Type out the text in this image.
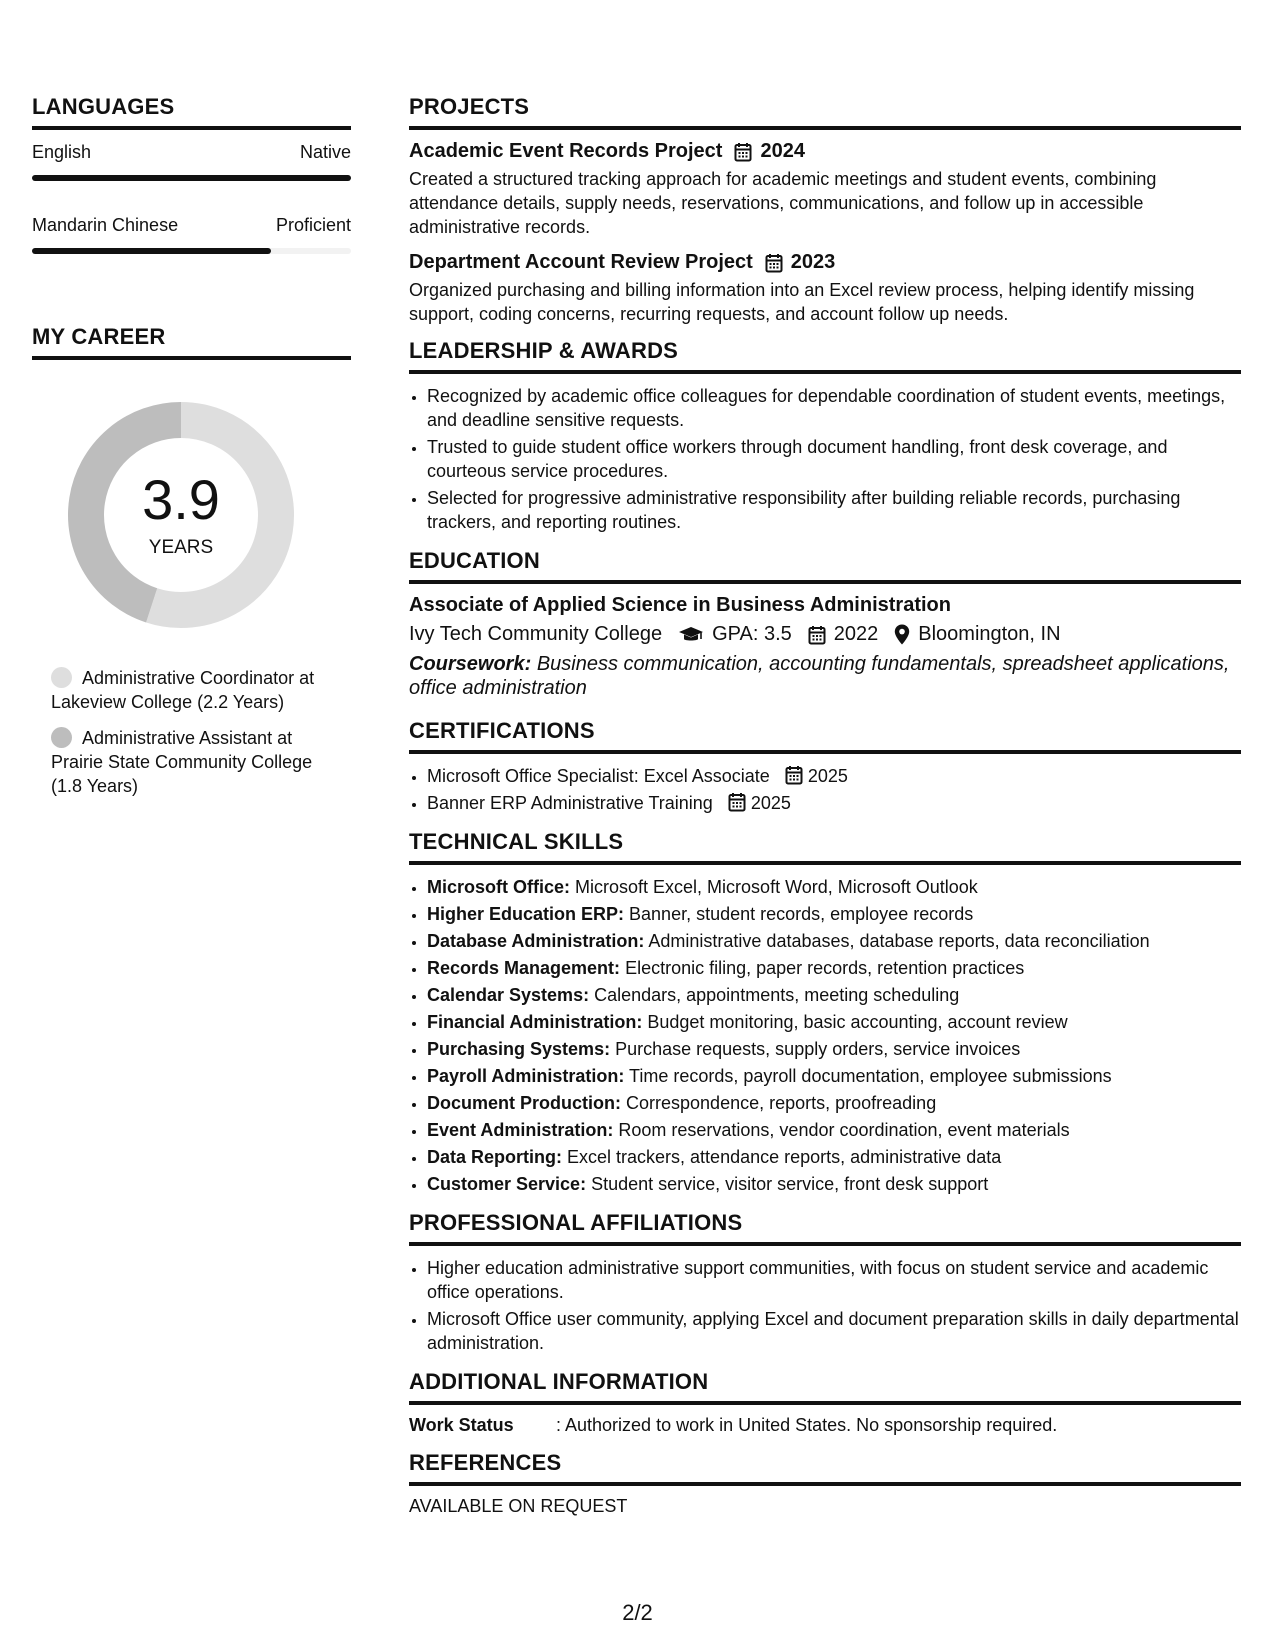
LANGUAGES
English	Native
Mandarin Chinese	Proficient
MY CAREER
3.9
YEARS
Administrative Coordinator at Lakeview College (2.2 Years)
Administrative Assistant at Prairie State Community College (1.8 Years)
PROJECTS
Academic Event Records Project 2024
Created a structured tracking approach for academic meetings and student events, combining attendance details, supply needs, reservations, communications, and follow up in accessible administrative records.
Department Account Review Project 2023
Organized purchasing and billing information into an Excel review process, helping identify missing support, coding concerns, recurring requests, and account follow up needs.
LEADERSHIP & AWARDS
• Recognized by academic office colleagues for dependable coordination of student events, meetings, and deadline sensitive requests.
• Trusted to guide student office workers through document handling, front desk coverage, and courteous service procedures.
• Selected for progressive administrative responsibility after building reliable records, purchasing trackers, and reporting routines.
EDUCATION
Associate of Applied Science in Business Administration
Ivy Tech Community College	GPA: 3.5 2022 Bloomington, IN
Coursework: Business communication, accounting fundamentals, spreadsheet applications, office administration
CERTIFICATIONS
• Microsoft Office Specialist: Excel Associate 2025
• Banner ERP Administrative Training 2025
TECHNICAL SKILLS
• Microsoft Office: Microsoft Excel, Microsoft Word, Microsoft Outlook
• Higher Education ERP: Banner, student records, employee records
• Database Administration: Administrative databases, database reports, data reconciliation
• Records Management: Electronic filing, paper records, retention practices
• Calendar Systems: Calendars, appointments, meeting scheduling
• Financial Administration: Budget monitoring, basic accounting, account review
• Purchasing Systems: Purchase requests, supply orders, service invoices
• Payroll Administration: Time records, payroll documentation, employee submissions
• Document Production: Correspondence, reports, proofreading
• Event Administration: Room reservations, vendor coordination, event materials
• Data Reporting: Excel trackers, attendance reports, administrative data
• Customer Service: Student service, visitor service, front desk support
PROFESSIONAL AFFILIATIONS
• Higher education administrative support communities, with focus on student service and academic office operations.
• Microsoft Office user community, applying Excel and document preparation skills in daily departmental administration.
ADDITIONAL INFORMATION
Work Status : Authorized to work in United States. No sponsorship required.
REFERENCES
AVAILABLE ON REQUEST
2/2
